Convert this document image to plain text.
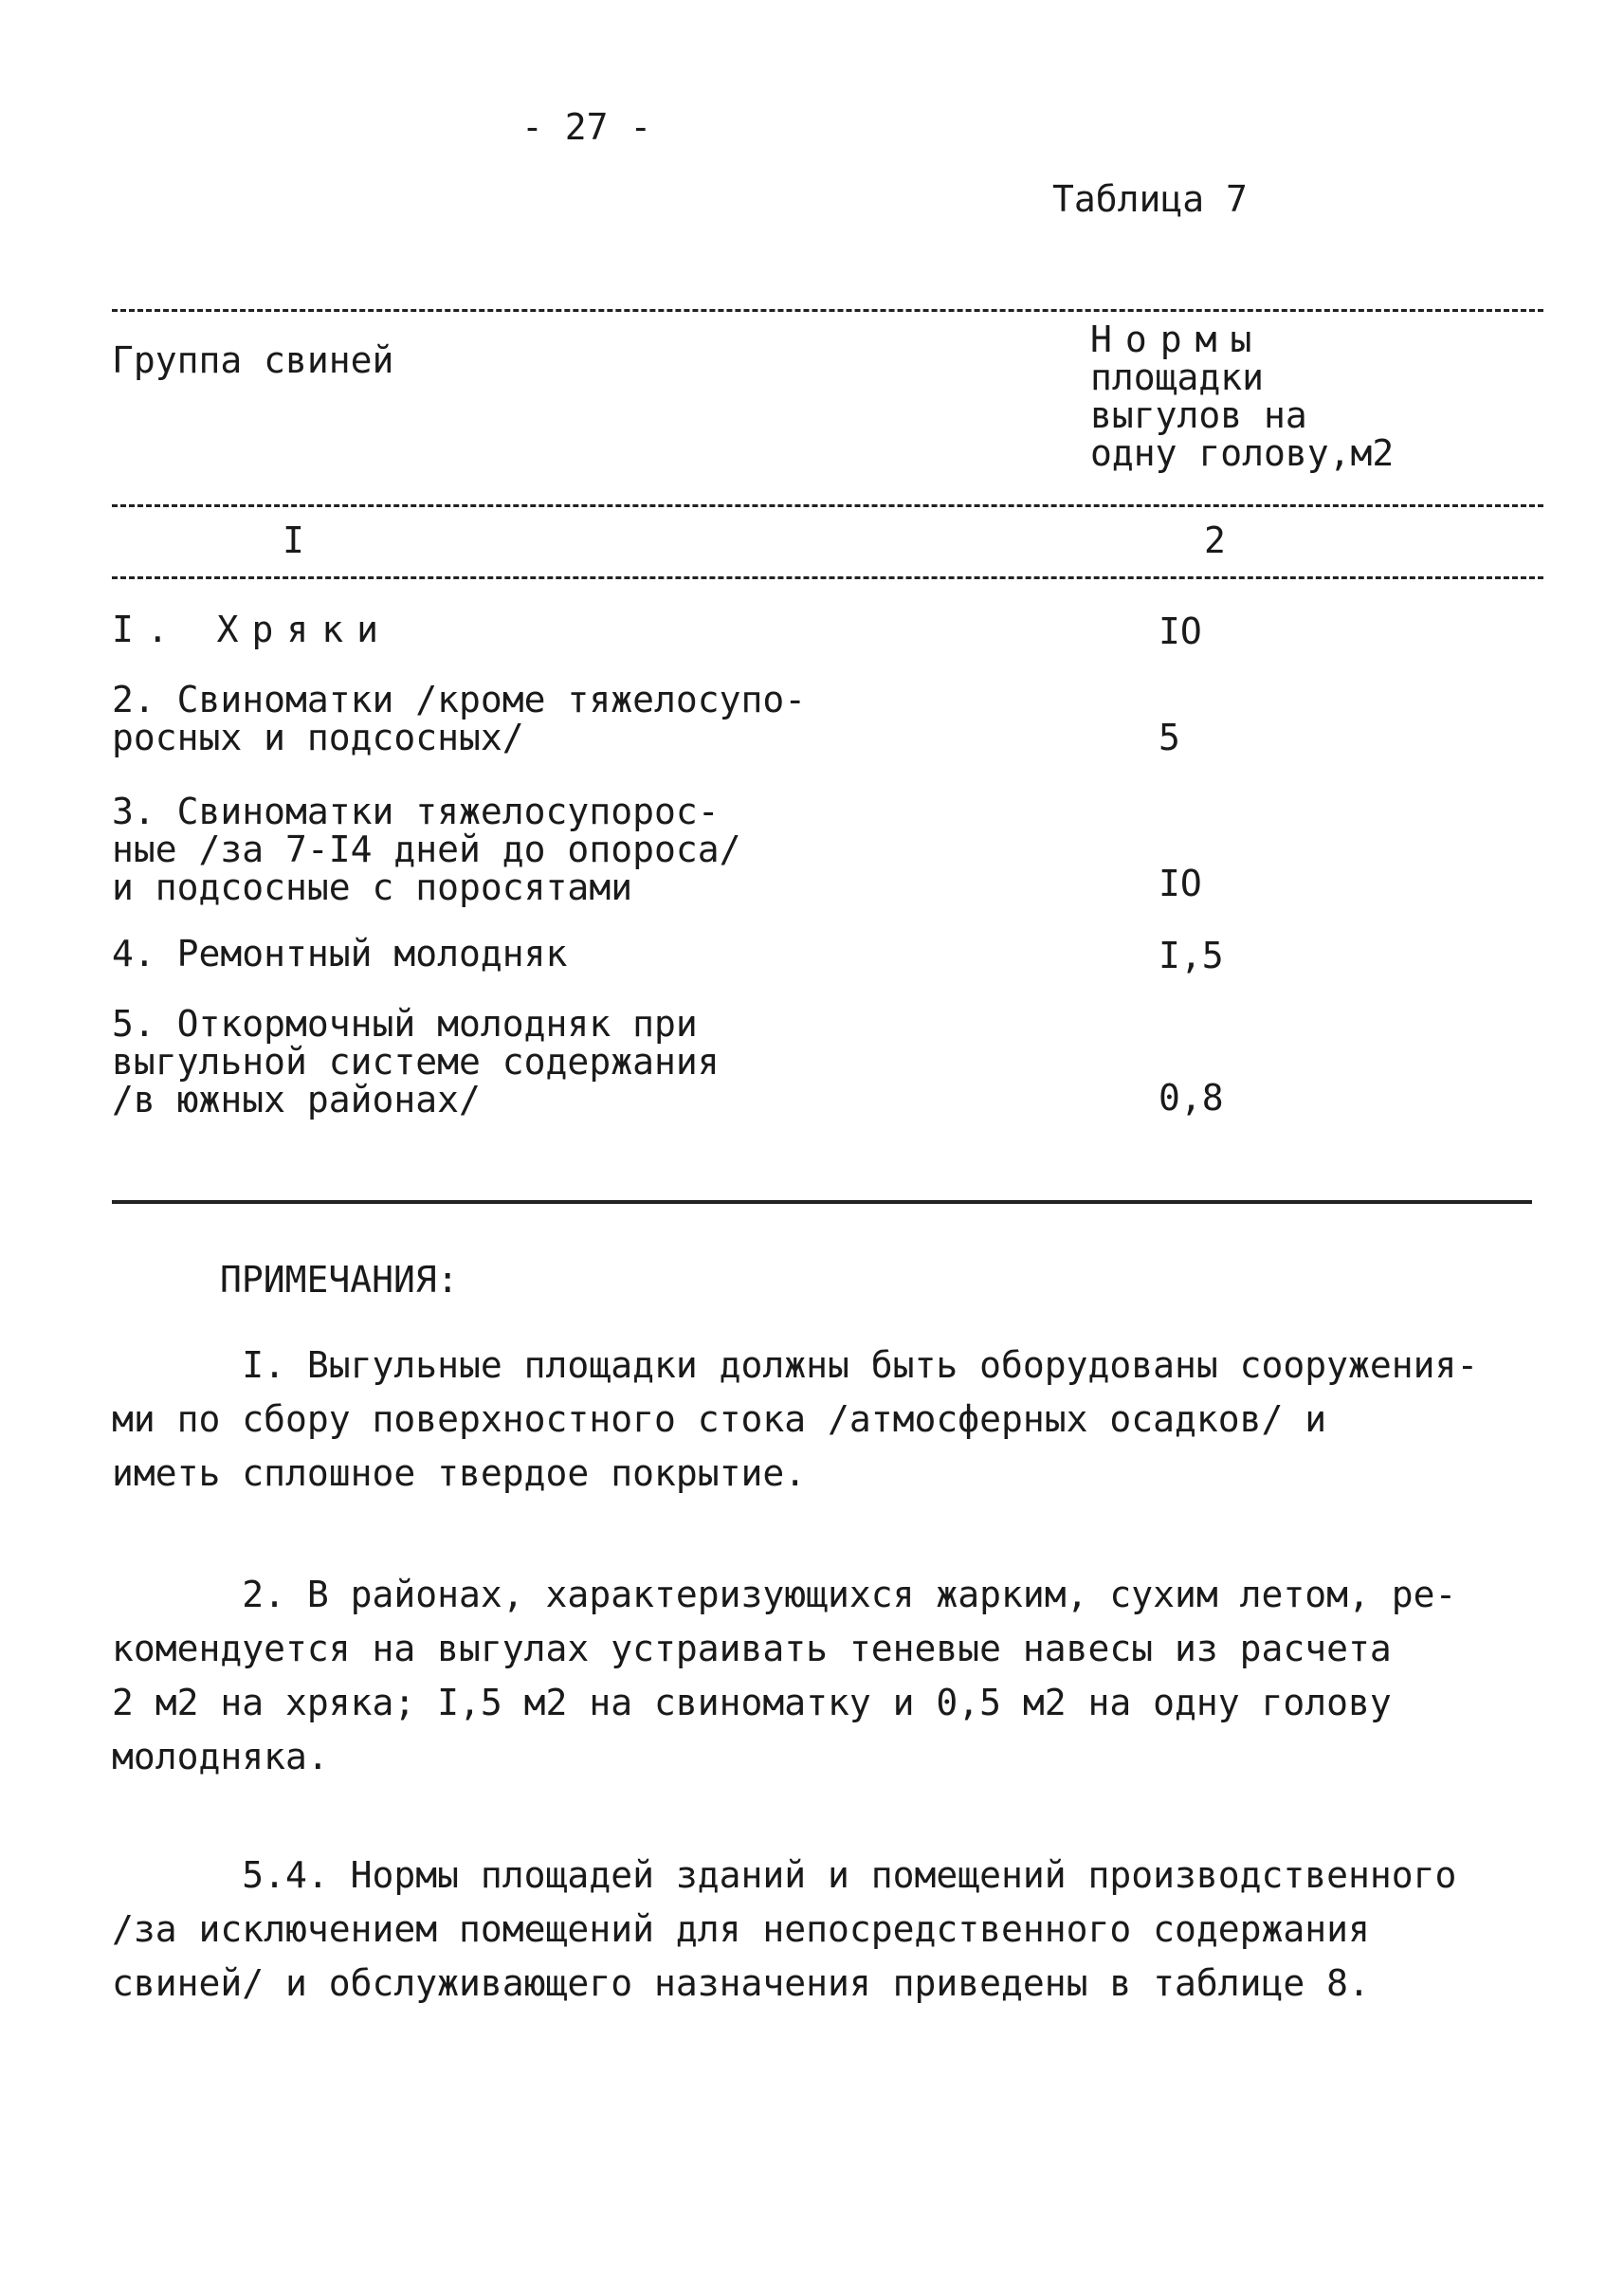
- 27 -
Таблица 7
Группа свиней	Нормы
площадки
выгулов на
одну голову,м2
I	2
I. Хряки	IO
2. Свиноматки /кроме тяжелосупо-
росных и подсосных/	5
3. Свиноматки тяжелосупорос-
ные /за 7-I4 дней до опороса/
и подсосные с поросятами	IO
4. Ремонтный молодняк	I,5
5. Откормочный молодняк при
выгульной системе содержания
/в южных районах/	0,8
ПРИМЕЧАНИЯ:
I. Выгульные площадки должны быть оборудованы сооружения-
ми по сбору поверхностного стока /атмосферных осадков/ и
иметь сплошное твердое покрытие.
2. В районах, характеризующихся жарким, сухим летом, ре-
комендуется на выгулах устраивать теневые навесы из расчета
2 м2 на хряка; I,5 м2 на свиноматку и 0,5 м2 на одну голову
молодняка.
5.4. Нормы площадей зданий и помещений производственного
/за исключением помещений для непосредственного содержания
свиней/ и обслуживающего назначения приведены в таблице 8.
